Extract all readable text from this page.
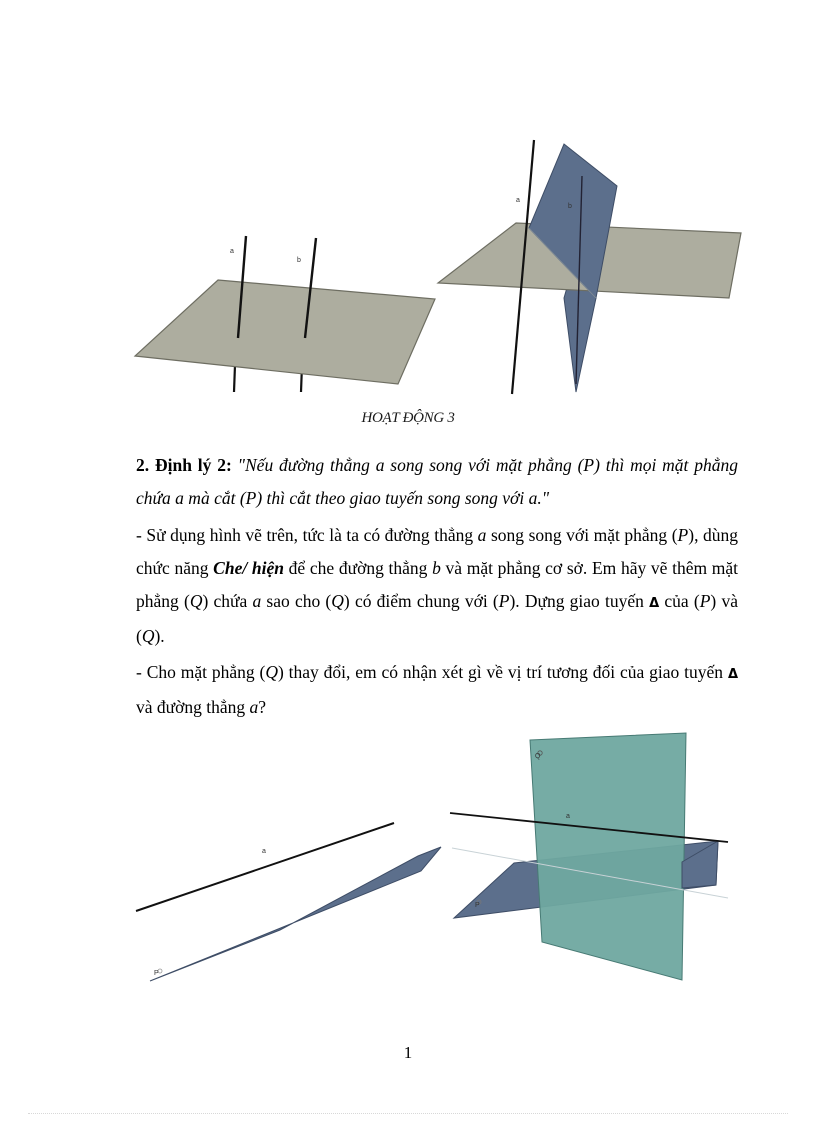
a
b
a
b
HOẠT ĐỘNG 3

2. Định lý 2: "Nếu đường thẳng a song song với mặt phẳng (P) thì mọi mặt phẳng chứa a mà cắt (P) thì cắt theo giao tuyến song song với a."

- Sử dụng hình vẽ trên, tức là ta có đường thẳng a song song với mặt phẳng (P), dùng chức năng Che/ hiện để che đường thẳng b và mặt phẳng cơ sở. Em hãy vẽ thêm mặt phẳng (Q) chứa a sao cho (Q) có điểm chung với (P). Dựng giao tuyến Δ của (P) và (Q).

- Cho mặt phẳng (Q) thay đổi, em có nhận xét gì về vị trí tương đối của giao tuyến Δ và đường thẳng a?

a
P
Q
a
P

1
